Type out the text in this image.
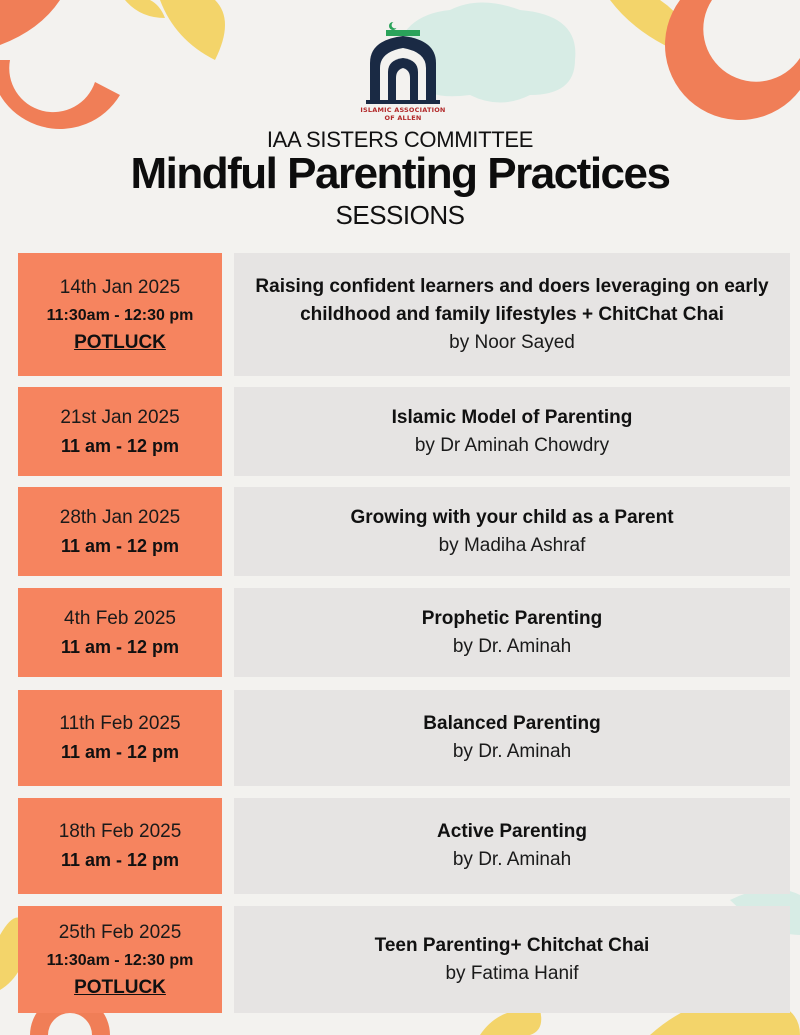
ISLAMIC ASSOCIATION
OF ALLEN
IAA SISTERS COMMITTEE
Mindful Parenting Practices
SESSIONS
14th Jan 2025
11:30am - 12:30 pm
POTLUCK
Raising confident learners and doers leveraging on early childhood and family lifestyles + ChitChat Chai
by Noor Sayed
21st Jan 2025
11 am - 12 pm
Islamic Model of Parenting
by Dr Aminah Chowdry
28th Jan 2025
11 am - 12 pm
Growing with your child as a Parent
by Madiha Ashraf
4th Feb 2025
11 am - 12 pm
Prophetic Parenting
by Dr. Aminah
11th Feb 2025
11 am - 12 pm
Balanced Parenting
by Dr. Aminah
18th Feb 2025
11 am - 12 pm
Active Parenting
by Dr. Aminah
25th Feb 2025
11:30am - 12:30 pm
POTLUCK
Teen Parenting+ Chitchat Chai
by Fatima Hanif
